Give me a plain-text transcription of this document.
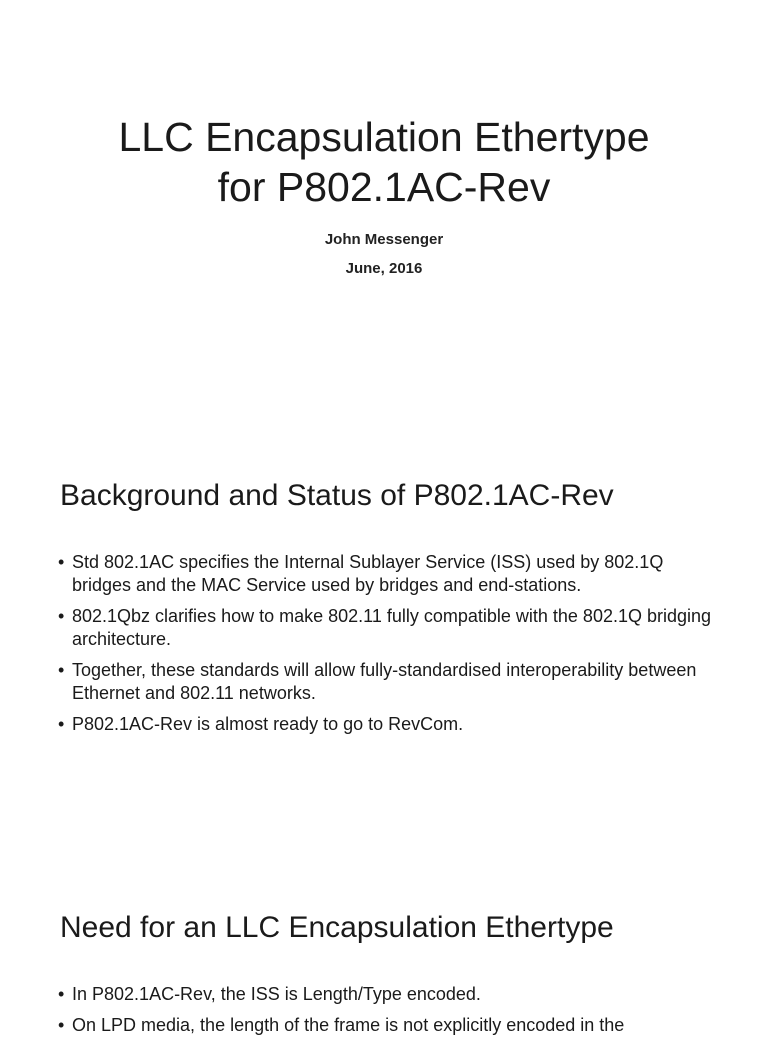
LLC Encapsulation Ethertype
for P802.1AC-Rev
John Messenger
June, 2016
Background and Status of P802.1AC-Rev
• Std 802.1AC specifies the Internal Sublayer Service (ISS) used by 802.1Q bridges and the MAC Service used by bridges and end-stations.
• 802.1Qbz clarifies how to make 802.11 fully compatible with the 802.1Q bridging architecture.
• Together, these standards will allow fully-standardised interoperability between Ethernet and 802.11 networks.
• P802.1AC-Rev is almost ready to go to RevCom.
Need for an LLC Encapsulation Ethertype
• In P802.1AC-Rev, the ISS is Length/Type encoded.
• On LPD media, the length of the frame is not explicitly encoded in the
